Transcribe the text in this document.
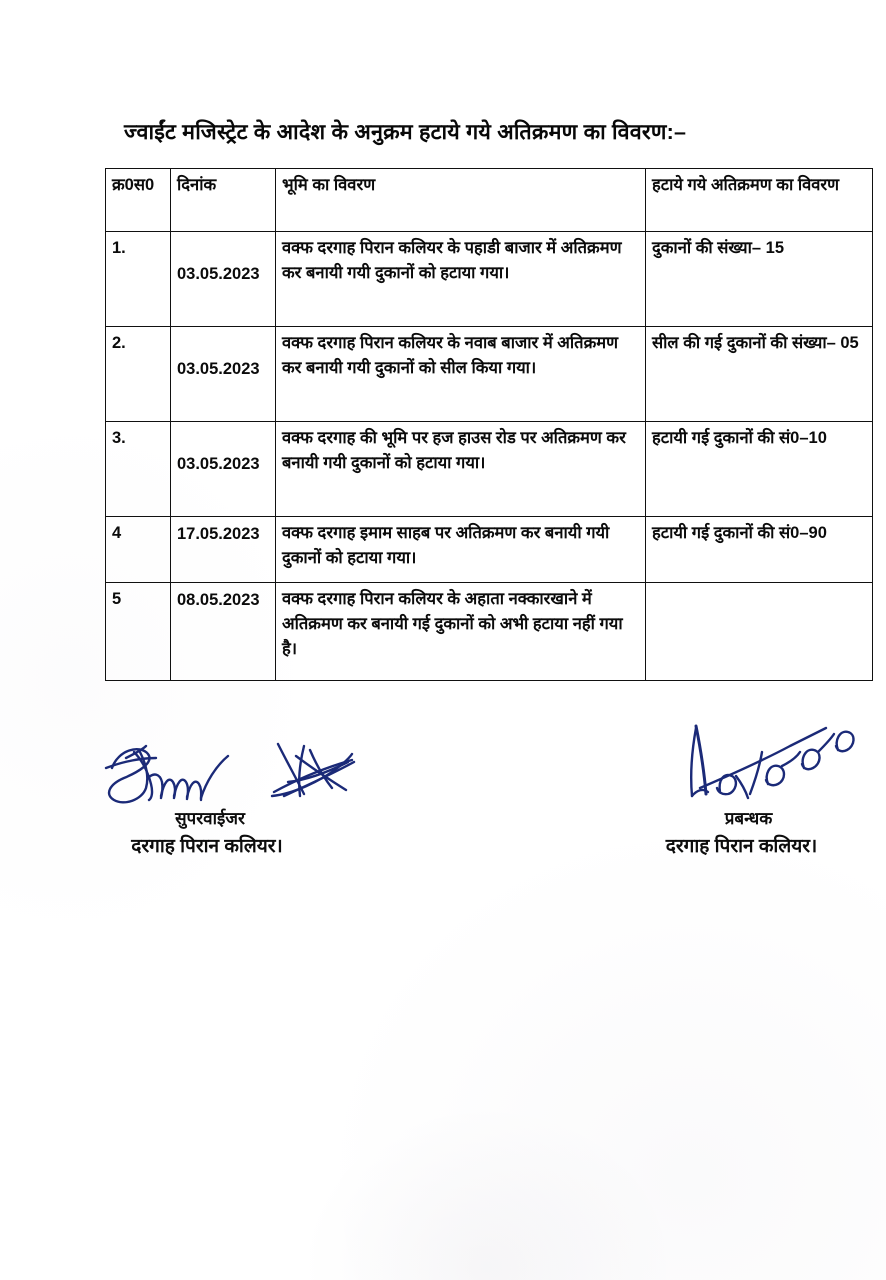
ज्वाईंट मजिस्ट्रेट के आदेश के अनुक्रम हटाये गये अतिक्रमण का विवरण:–
क्र0स0	दिनांक	भूमि का विवरण	हटाये गये अतिक्रमण का विवरण
1.	03.05.2023	वक्फ दरगाह पिरान कलियर के पहाडी बाजार में अतिक्रमण कर बनायी गयी दुकानों को हटाया गया।	दुकानों की संख्या– 15
2.	03.05.2023	वक्फ दरगाह पिरान कलियर के नवाब बाजार में अतिक्रमण कर बनायी गयी दुकानों को सील किया गया।	सील की गई दुकानों की संख्या– 05
3.	03.05.2023	वक्फ दरगाह की भूमि पर हज हाउस रोड पर अतिक्रमण कर बनायी गयी दुकानों को हटाया गया।	हटायी गई दुकानों की सं0–10
4	17.05.2023	वक्फ दरगाह इमाम साहब पर अतिक्रमण कर बनायी गयी दुकानों को हटाया गया।	हटायी गई दुकानों की सं0–90
5	08.05.2023	वक्फ दरगाह पिरान कलियर के अहाता नक्कारखाने में अतिक्रमण कर बनायी गई दुकानों को अभी हटाया नहीं गया है।	
सुपरवाईजर
दरगाह पिरान कलियर।
प्रबन्धक
दरगाह पिरान कलियर।
